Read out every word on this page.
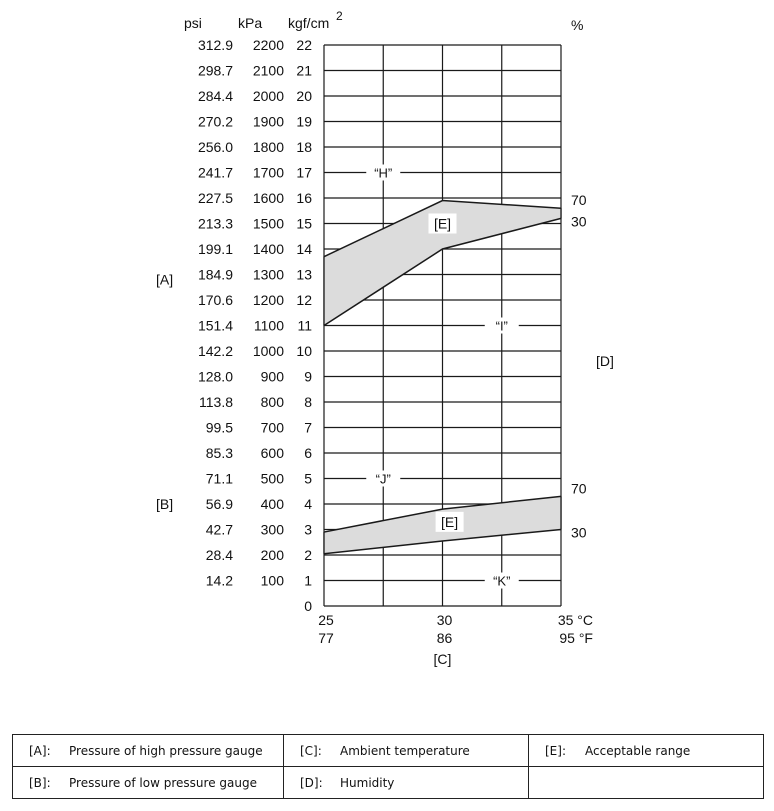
0
1
100
14.2
2
200
28.4
3
300
42.7
4
400
56.9
5
500
71.1
6
600
85.3
7
700
99.5
8
800
113.8
9
900
128.0
10
1000
142.2
11
1100
151.4
12
1200
170.6
13
1300
184.9
14
1400
199.1
15
1500
213.3
16
1600
227.5
17
1700
241.7
18
1800
256.0
19
1900
270.2
20
2000
284.4
21
2100
298.7
22
2200
312.9
psi	kPa kgf/cm 2
%
25
77
30
86
35 °C
95 °F
70
30
70
30
[E]
[E]
“H”
“I”
“J”
“K”
[C]
[A]
[B]
[D]
[A]: Pressure of high pressure gauge	[C]: Ambient temperature	[E]: Acceptable range
[B]: Pressure of low pressure gauge	[D]: Humidity	
